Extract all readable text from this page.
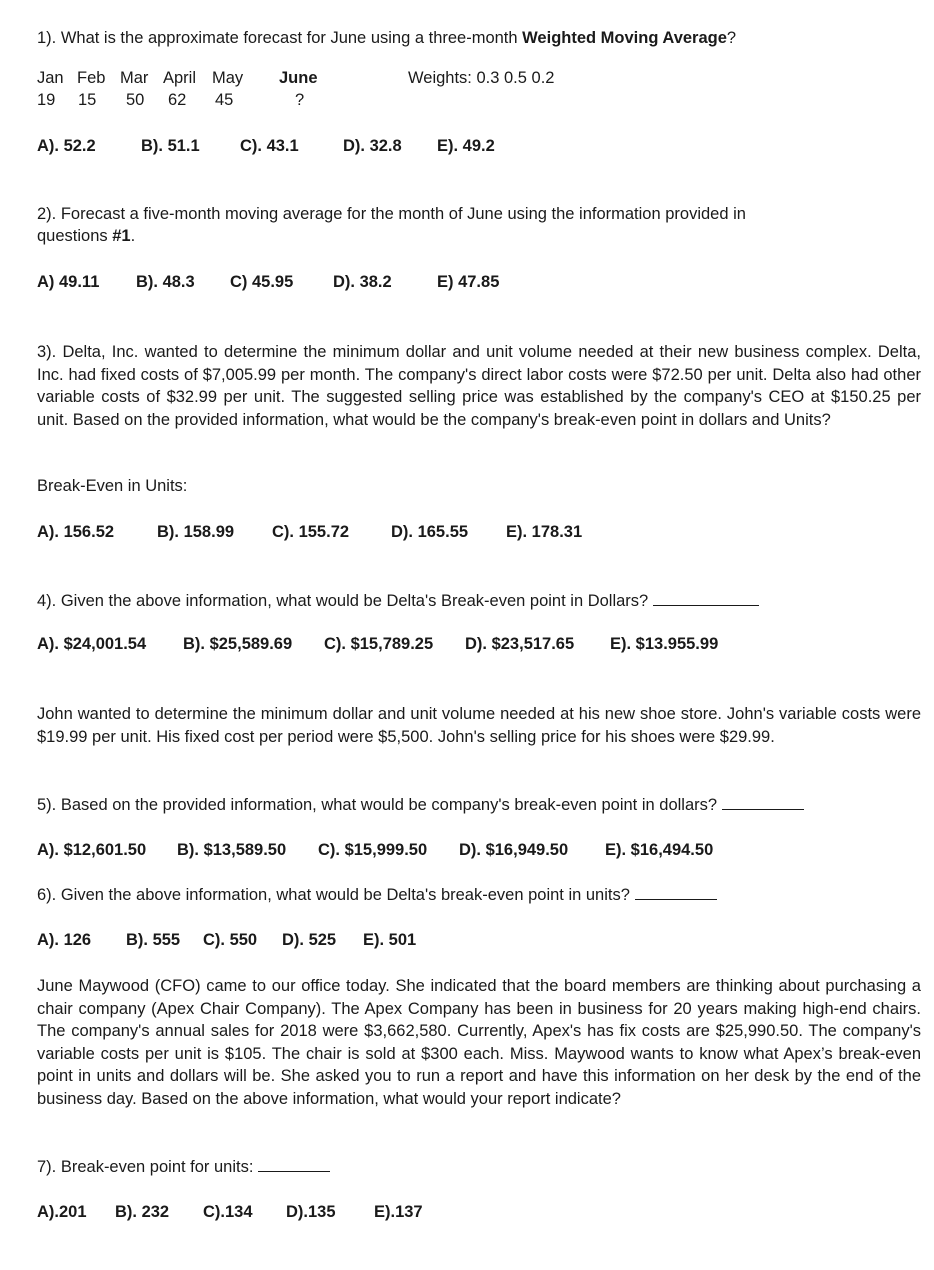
1). What is the approximate forecast for June using a three-month Weighted Moving Average?
Jan Feb Mar April May June	Weights: 0.3 0.5 0.2
19 15 50 62 45	?
A). 52.2	B). 51.1 C). 43.1	D). 32.8 E). 49.2
2). Forecast a five-month moving average for the month of June using the information provided in
questions #1.
A) 49.11 B). 48.3 C) 45.95 D). 38.2	E) 47.85
3). Delta, Inc. wanted to determine the minimum dollar and unit volume needed at their new business complex. Delta, Inc. had fixed costs of $7,005.99 per month. The company's direct labor costs were $72.50 per unit. Delta also had other variable costs of $32.99 per unit. The suggested selling price was established by the company's CEO at $150.25 per unit. Based on the provided information, what would be the company's break-even point in dollars and Units?
Break-Even in Units:
A). 156.52	B). 158.99 C). 155.72	D). 165.55 E). 178.31
4). Given the above information, what would be Delta's Break-even point in Dollars?
A). $24,001.54 B). $25,589.69 C). $15,789.25 D). $23,517.65 E). $13.955.99
John wanted to determine the minimum dollar and unit volume needed at his new shoe store. John's variable costs were $19.99 per unit. His fixed cost per period were $5,500. John's selling price for his shoes were $29.99.
5). Based on the provided information, what would be company's break-even point in dollars?
A). $12,601.50 B). $13,589.50 C). $15,999.50 D). $16,949.50 E). $16,494.50
6). Given the above information, what would be Delta's break-even point in units?
A). 126 B). 555 C). 550 D). 525 E). 501
June Maywood (CFO) came to our office today. She indicated that the board members are thinking about purchasing a chair company (Apex Chair Company). The Apex Company has been in business for 20 years making high-end chairs. The company's annual sales for 2018 were $3,662,580. Currently, Apex's has fix costs are $25,990.50. The company's variable costs per unit is $105. The chair is sold at $300 each. Miss. Maywood wants to know what Apex’s break-even point in units and dollars will be. She asked you to run a report and have this information on her desk by the end of the business day. Based on the above information, what would your report indicate?
7). Break-even point for units:
A).201 B). 232 C).134 D).135 E).137
